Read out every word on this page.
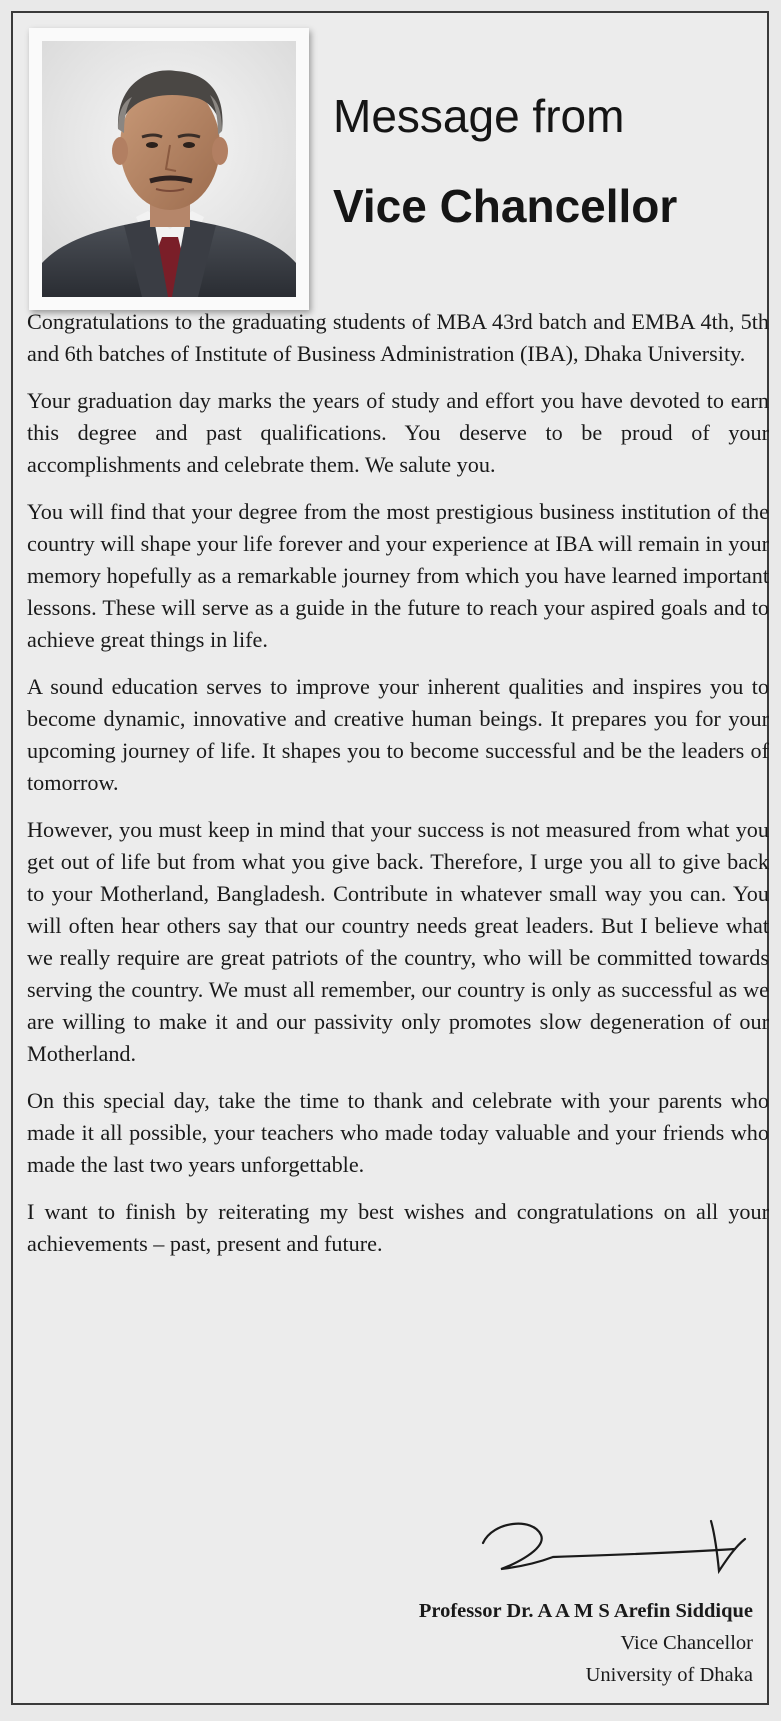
Message from
Vice Chancellor

Congratulations to the graduating students of MBA 43rd batch and EMBA 4th, 5th and 6th batches of Institute of Business Administration (IBA), Dhaka University.

Your graduation day marks the years of study and effort you have devoted to earn this degree and past qualifications. You deserve to be proud of your accomplishments and celebrate them. We salute you.

You will find that your degree from the most prestigious business institution of the country will shape your life forever and your experience at IBA will remain in your memory hopefully as a remarkable journey from which you have learned important lessons. These will serve as a guide in the future to reach your aspired goals and to achieve great things in life.

A sound education serves to improve your inherent qualities and inspires you to become dynamic, innovative and creative human beings. It prepares you for your upcoming journey of life. It shapes you to become successful and be the leaders of tomorrow.

However, you must keep in mind that your success is not measured from what you get out of life but from what you give back. Therefore, I urge you all to give back to your Motherland, Bangladesh. Contribute in whatever small way you can. You will often hear others say that our country needs great leaders. But I believe what we really require are great patriots of the country, who will be committed towards serving the country. We must all remember, our country is only as successful as we are willing to make it and our passivity only promotes slow degeneration of our Motherland.

On this special day, take the time to thank and celebrate with your parents who made it all possible, your teachers who made today valuable and your friends who made the last two years unforgettable.

I want to finish by reiterating my best wishes and congratulations on all your achievements – past, present and future.

Professor Dr. A A M S Arefin Siddique
Vice Chancellor
University of Dhaka
